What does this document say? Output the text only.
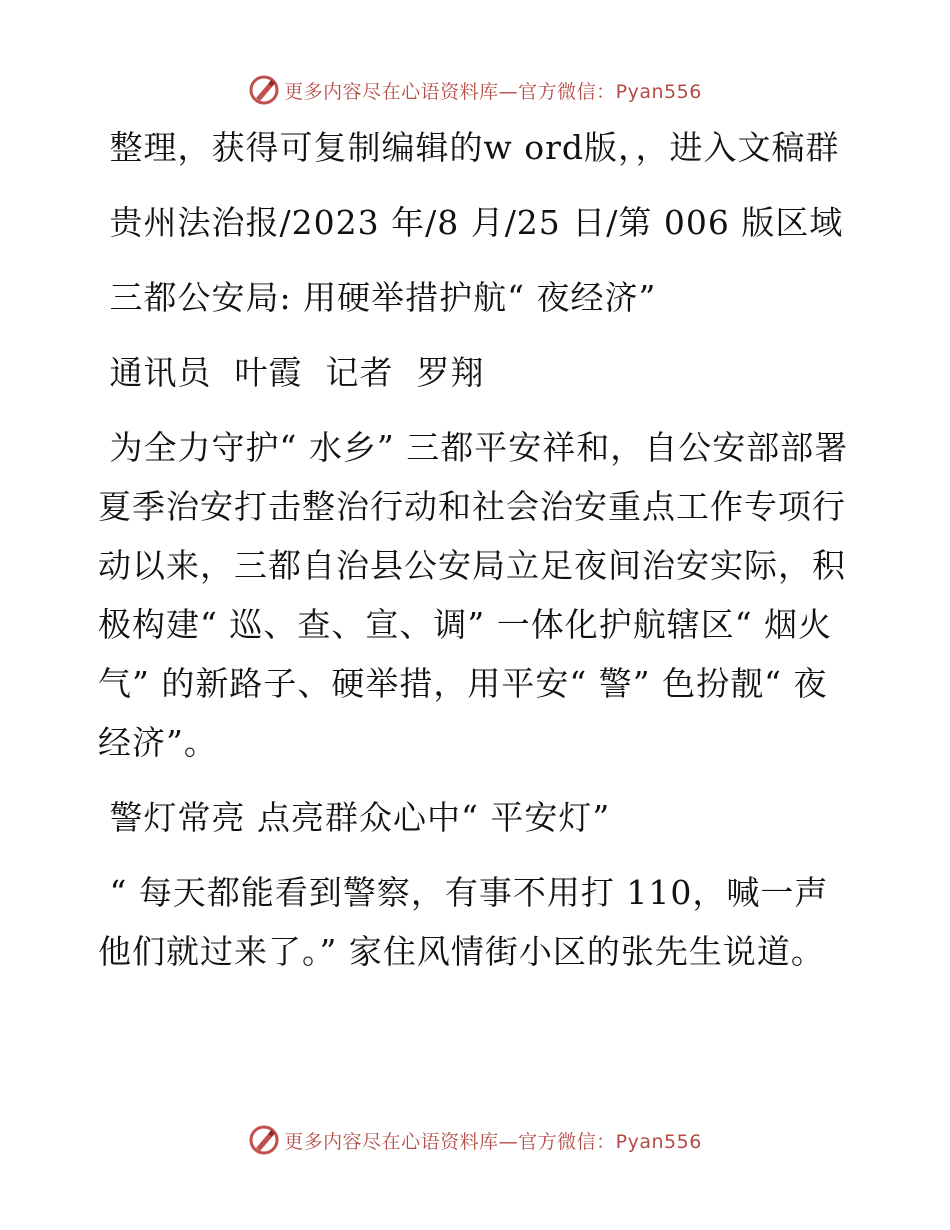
更多内容尽在心语资料库—官方微信：Pyan556

整理，获得可复制编辑的w ord版，，进入文稿群

贵州法治报/2023 年/8 月/25 日/第 006 版区域

三都公安局: 用硬举措护航“ 夜经济”

通讯员  叶霞  记者  罗翔

为全力守护“ 水乡” 三都平安祥和，自公安部部署夏季治安打击整治行动和社会治安重点工作专项行动以来，三都自治县公安局立足夜间治安实际，积极构建“ 巡、查、宣、调” 一体化护航辖区“ 烟火气” 的新路子、硬举措，用平安“ 警” 色扮靓“ 夜经济”。

警灯常亮 点亮群众心中“ 平安灯”

“ 每天都能看到警察，有事不用打 110，喊一声他们就过来了。” 家住风情街小区的张先生说道。

更多内容尽在心语资料库—官方微信：Pyan556
